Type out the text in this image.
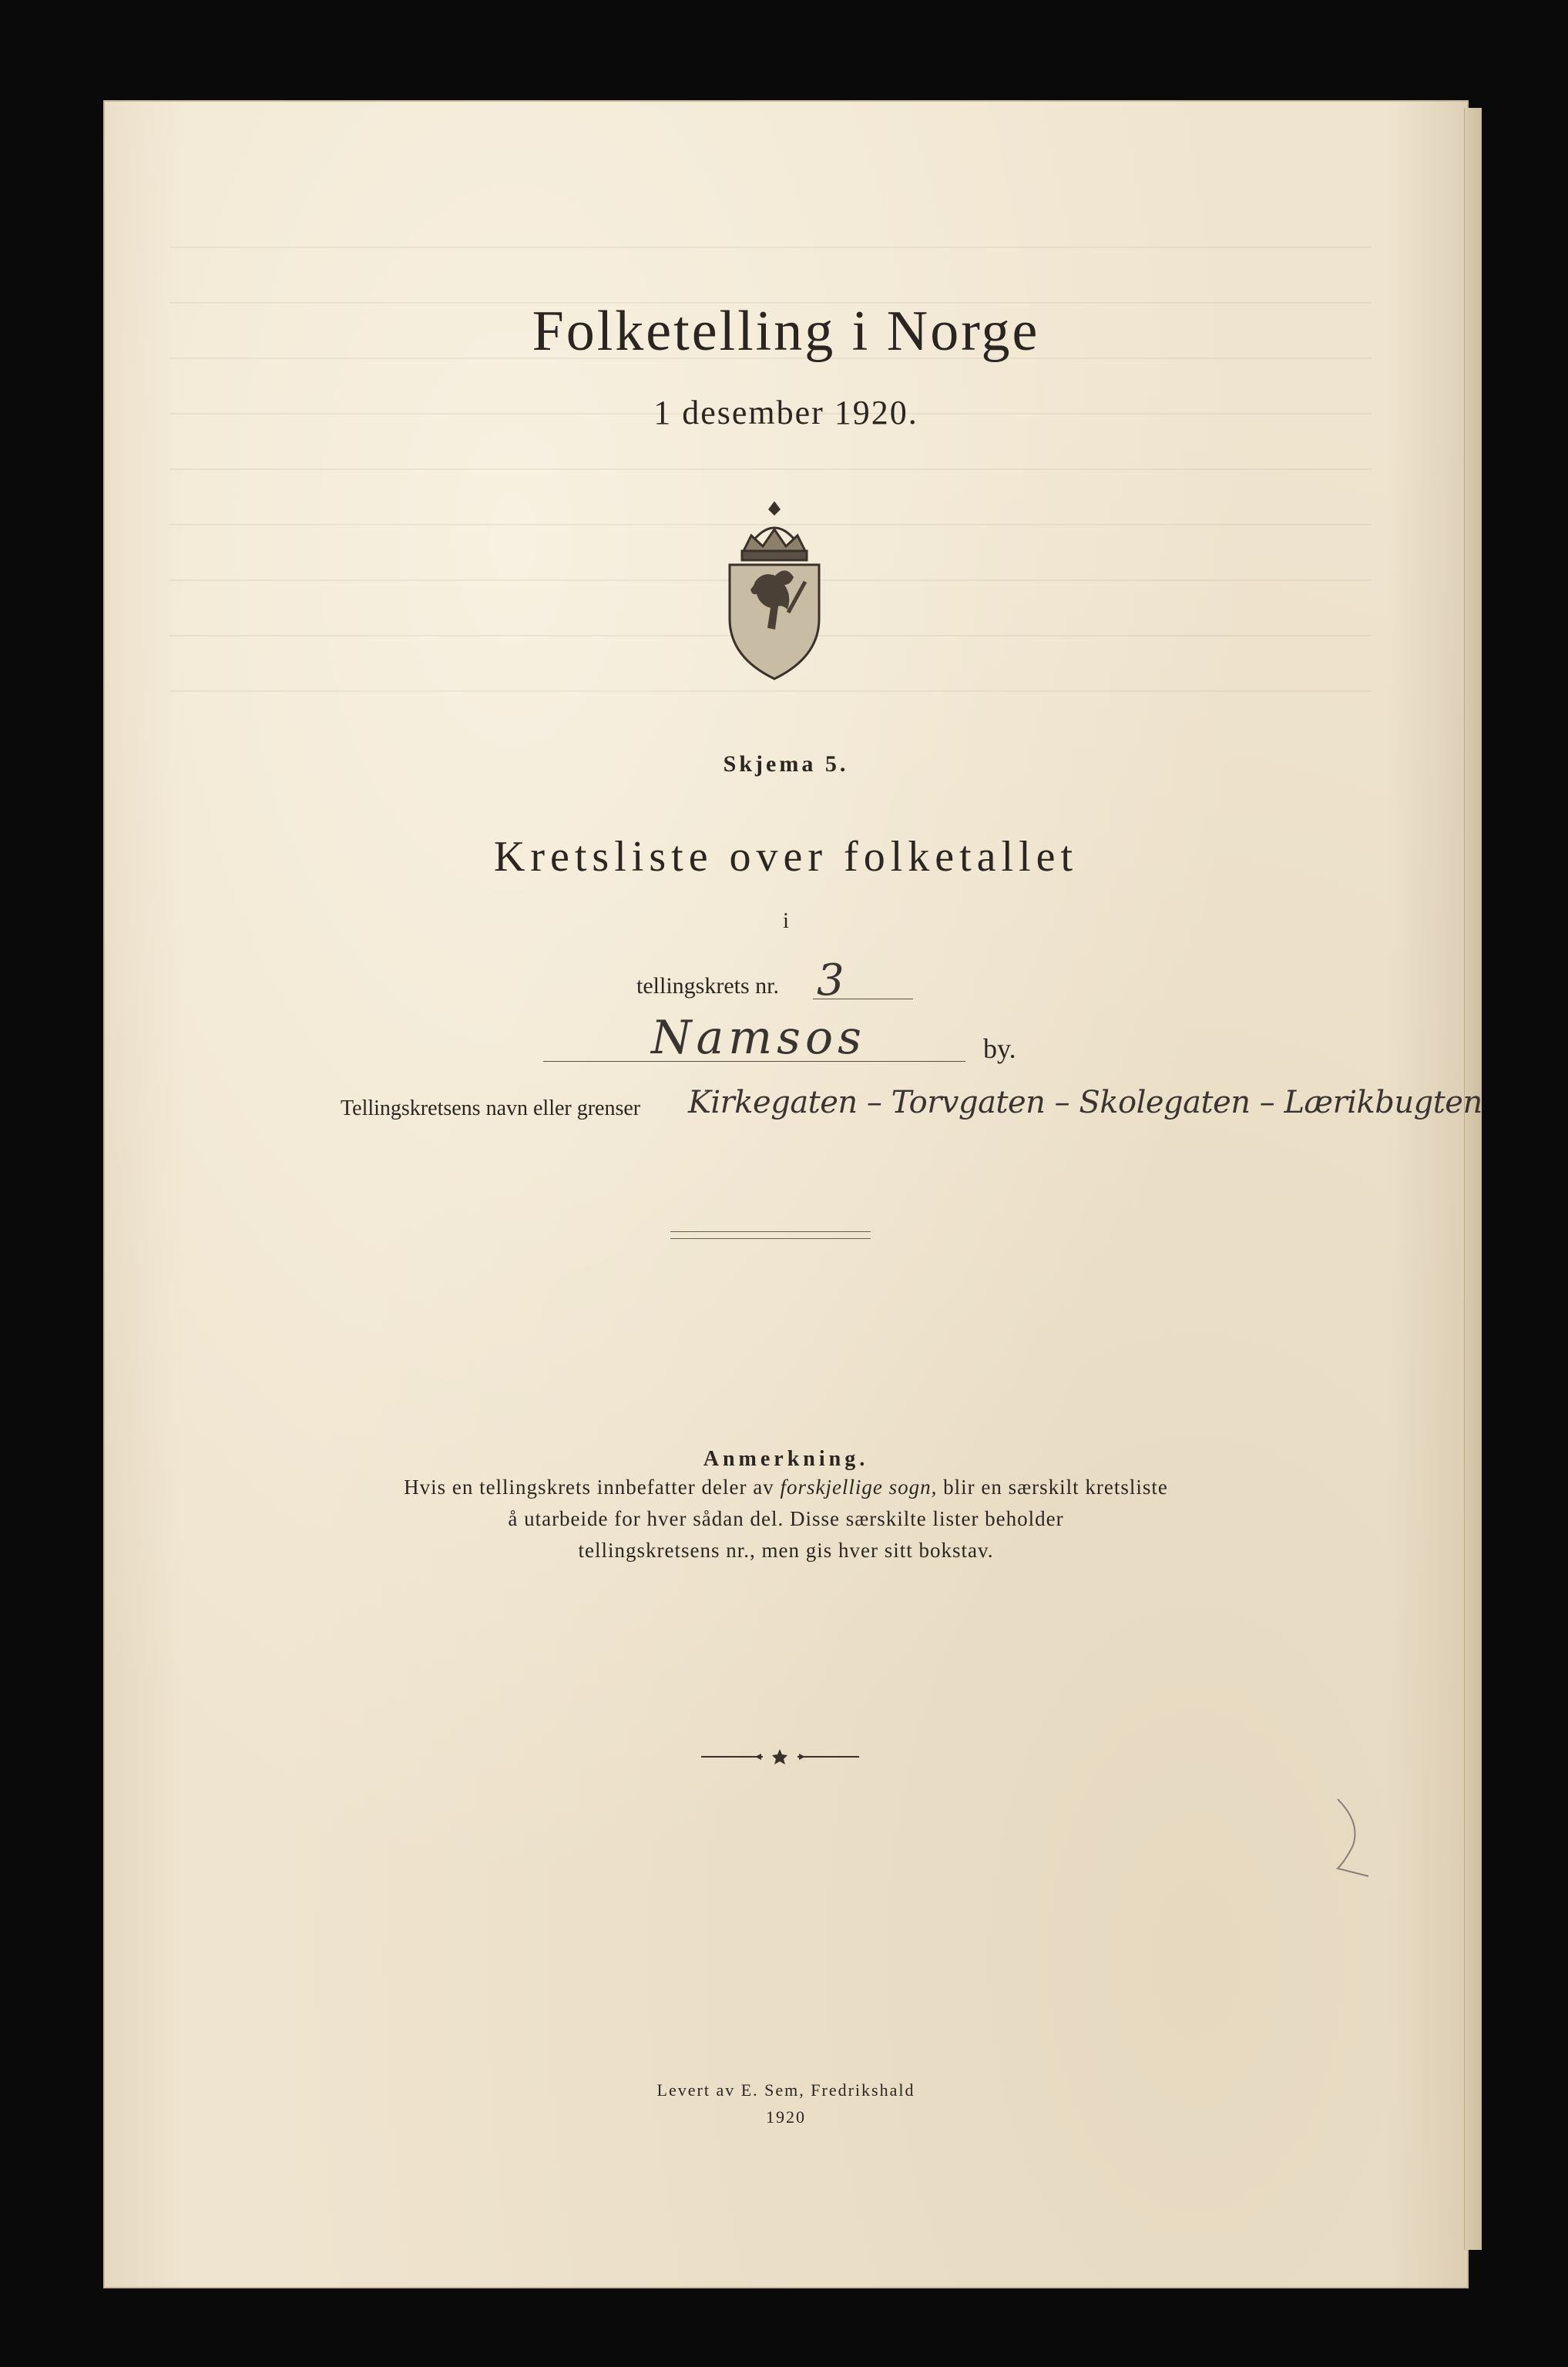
Folketelling i Norge
1 desember 1920.
Skjema 5.
Kretsliste over folketallet
i
tellingskrets nr. 3
Namsos	by.
Tellingskretsens navn eller grenser Kirkegaten – Torvgaten – Skolegaten – Lærikbugten
Anmerkning.
Hvis en tellingskrets innbefatter deler av forskjellige sogn, blir en særskilt kretsliste
å utarbeide for hver sådan del. Disse særskilte lister beholder
tellingskretsens nr., men gis hver sitt bokstav.
Levert av E. Sem, Fredrikshald
1920
